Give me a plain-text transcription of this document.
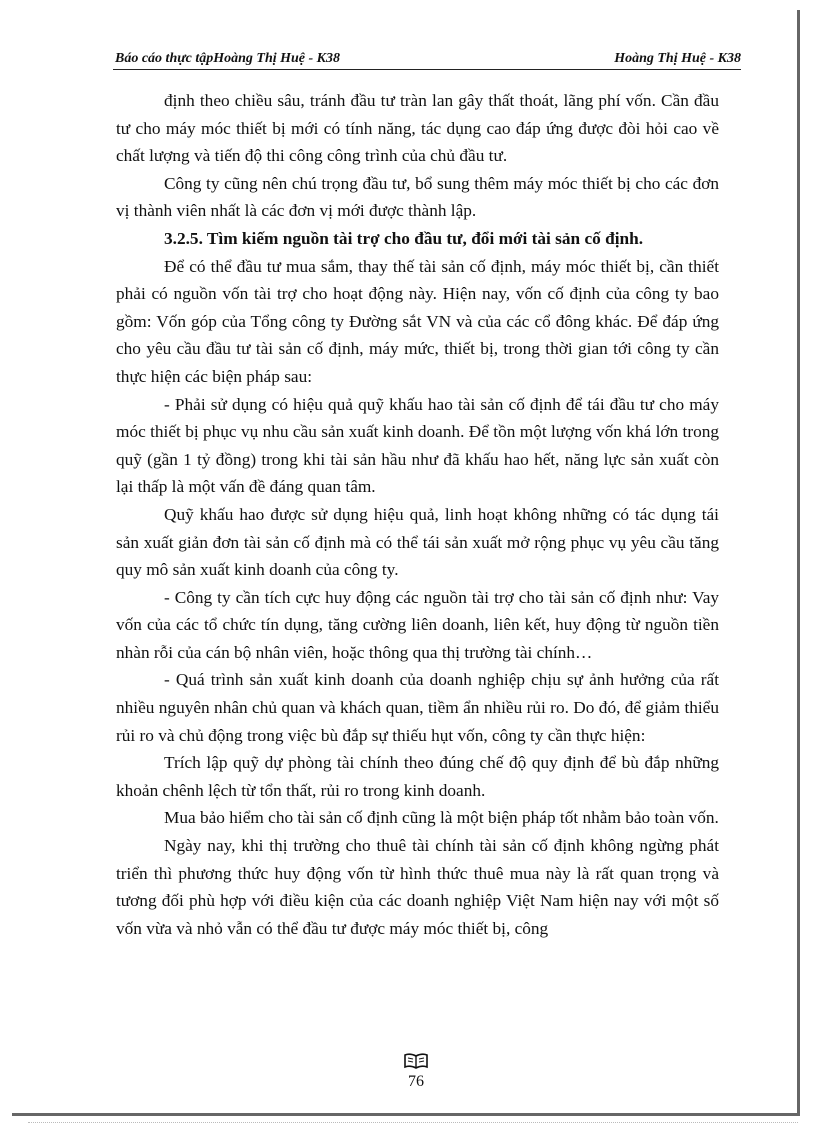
Báo cáo thực tậpHoàng Thị Huệ - K38	Hoàng Thị Huệ - K38

định theo chiều sâu, tránh đầu tư tràn lan gây thất thoát, lãng phí vốn. Cần đầu tư cho máy móc thiết bị mới có tính năng, tác dụng cao đáp ứng được đòi hỏi cao về chất lượng và tiến độ thi công công trình của chủ đầu tư.

Công ty cũng nên chú trọng đầu tư, bổ sung thêm máy móc thiết bị cho các đơn vị thành viên nhất là các đơn vị mới được thành lập.

3.2.5. Tìm kiếm nguồn tài trợ cho đầu tư, đổi mới tài sản cố định.

Để có thể đầu tư mua sắm, thay thế tài sản cố định, máy móc thiết bị, cần thiết phải có nguồn vốn tài trợ cho hoạt động này. Hiện nay, vốn cố định của công ty bao gồm: Vốn góp của Tổng công ty Đường sắt VN và của các cổ đông khác. Để đáp ứng cho yêu cầu đầu tư tài sản cố định, máy mức, thiết bị, trong thời gian tới công ty cần thực hiện các biện pháp sau:

- Phải sử dụng có hiệu quả quỹ khấu hao tài sản cố định để tái đầu tư cho máy móc thiết bị phục vụ nhu cầu sản xuất kinh doanh. Để tồn một lượng vốn khá lớn trong quỹ (gần 1 tỷ đồng) trong khi tài sản hầu như đã khấu hao hết, năng lực sản xuất còn lại thấp là một vấn đề đáng quan tâm.

Quỹ khấu hao được sử dụng hiệu quả, linh hoạt không những có tác dụng tái sản xuất giản đơn tài sản cố định mà có thể tái sản xuất mở rộng phục vụ yêu cầu tăng quy mô sản xuất kinh doanh của công ty.

- Công ty cần tích cực huy động các nguồn tài trợ cho tài sản cố định như: Vay vốn của các tổ chức tín dụng, tăng cường liên doanh, liên kết, huy động từ nguồn tiền nhàn rỗi của cán bộ nhân viên, hoặc thông qua thị trường tài chính…

- Quá trình sản xuất kinh doanh của doanh nghiệp chịu sự ảnh hưởng của rất nhiều nguyên nhân chủ quan và khách quan, tiềm ẩn nhiều rủi ro. Do đó, để giảm thiểu rủi ro và chủ động trong việc bù đắp sự thiếu hụt vốn, công ty cần thực hiện:

Trích lập quỹ dự phòng tài chính theo đúng chế độ quy định để bù đắp những khoản chênh lệch từ tổn thất, rủi ro trong kinh doanh.

Mua bảo hiểm cho tài sản cố định cũng là một biện pháp tốt nhằm bảo toàn vốn.

Ngày nay, khi thị trường cho thuê tài chính tài sản cố định không ngừng phát triển thì phương thức huy động vốn từ hình thức thuê mua này là rất quan trọng và tương đối phù hợp với điều kiện của các doanh nghiệp Việt Nam hiện nay với một số vốn vừa và nhỏ vẫn có thể đầu tư được máy móc thiết bị, công

76
